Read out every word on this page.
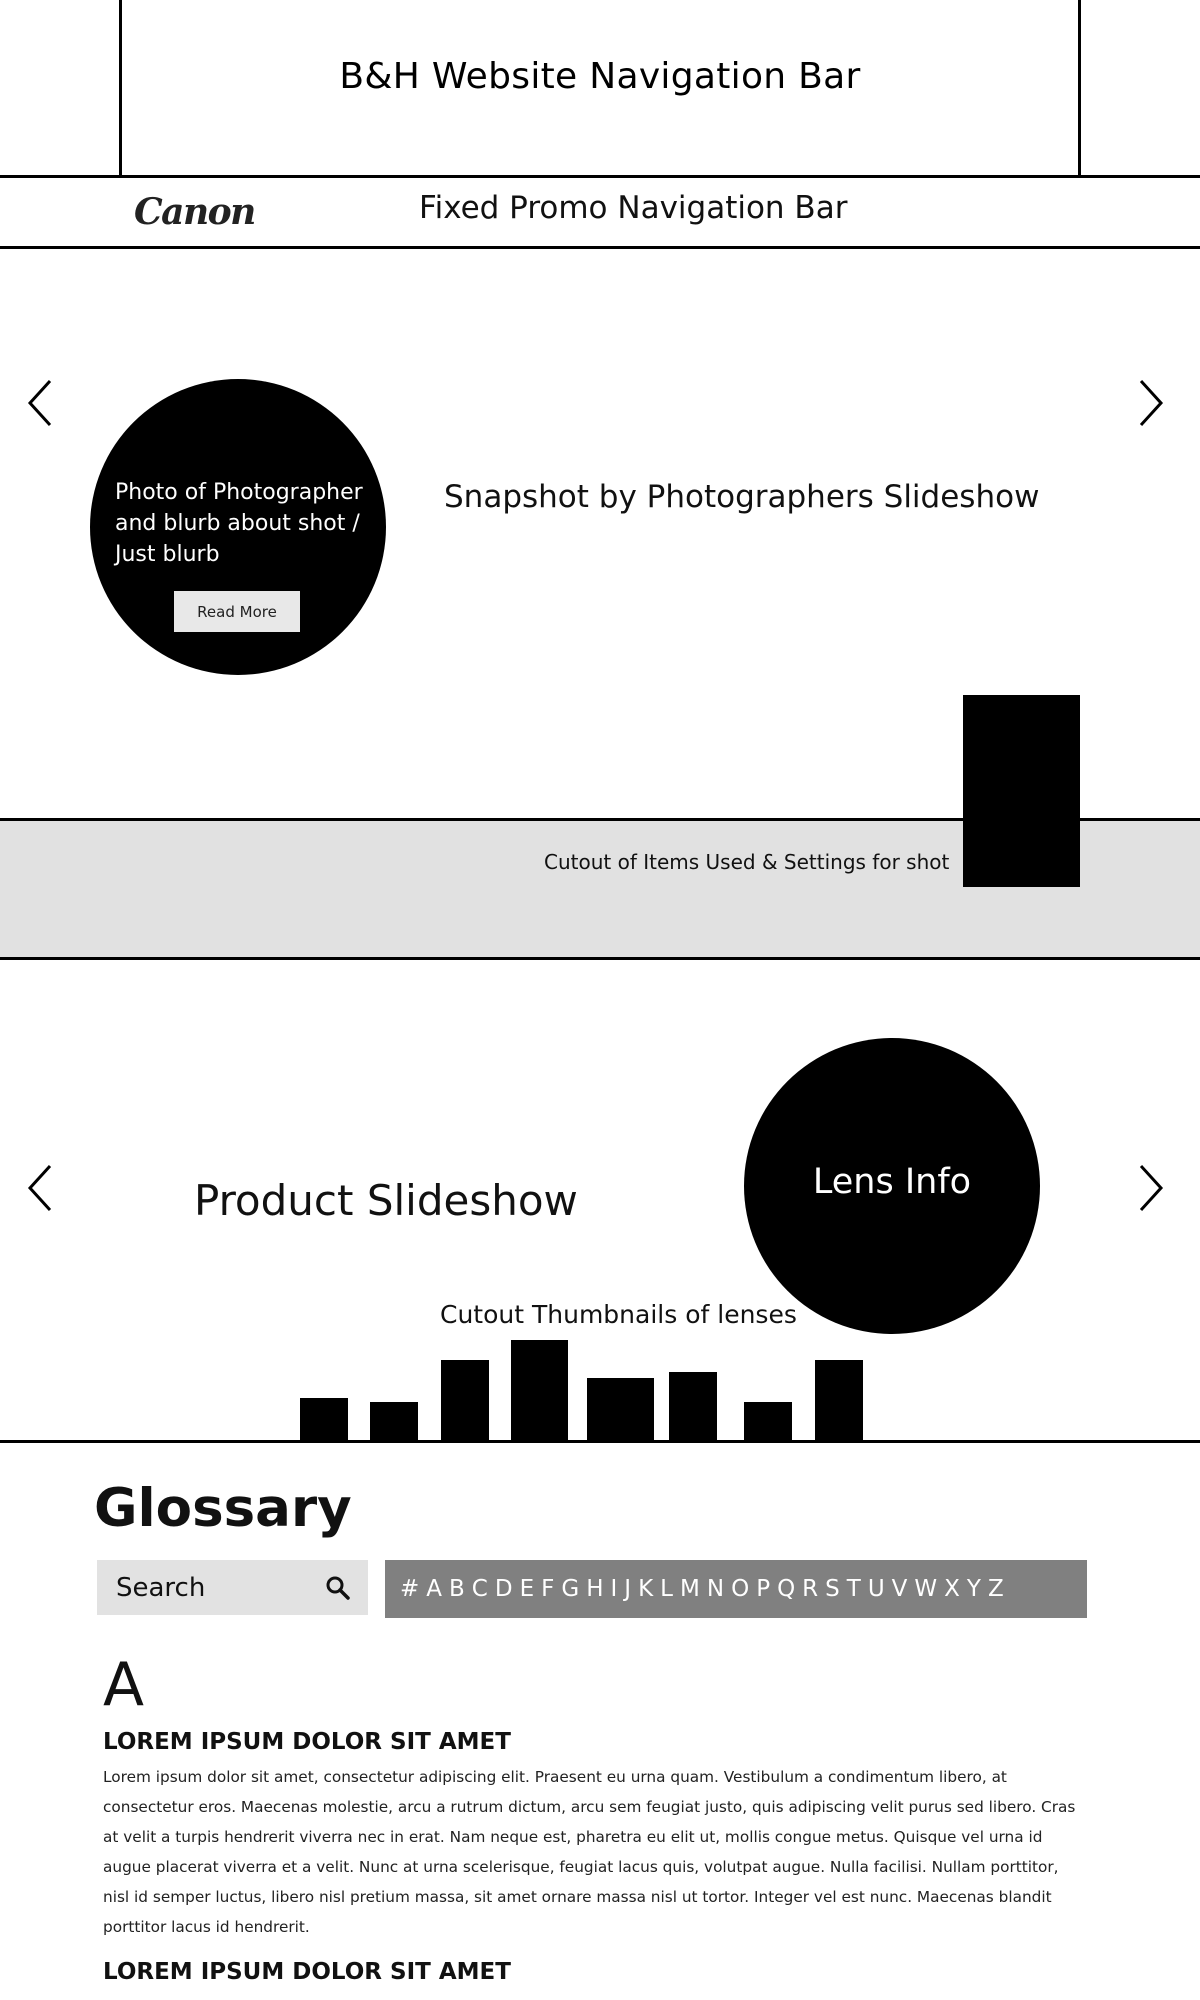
B&H Website Navigation Bar
Canon	Fixed Promo Navigation Bar
Photo of Photographer and blurb about shot / Just blurb
Read More
Snapshot by Photographers Slideshow
Cutout of Items Used & Settings for shot
Product Slideshow	Lens Info
Cutout Thumbnails of lenses
Glossary
Search
# A B C D E F G H I J K L M N O P Q R S T U V W X Y Z
A
LOREM IPSUM DOLOR SIT AMET

Lorem ipsum dolor sit amet, consectetur adipiscing elit. Praesent eu urna quam. Vestibulum a condimentum libero, at consectetur eros. Maecenas molestie, arcu a rutrum dictum, arcu sem feugiat justo, quis adipiscing velit purus sed libero. Cras at velit a turpis hendrerit viverra nec in erat. Nam neque est, pharetra eu elit ut, mollis congue metus. Quisque vel urna id augue placerat viverra et a velit. Nunc at urna scelerisque, feugiat lacus quis, volutpat augue. Nulla facilisi. Nullam porttitor, nisl id semper luctus, libero nisl pretium massa, sit amet ornare massa nisl ut tortor. Integer vel est nunc. Maecenas blandit porttitor lacus id hendrerit.

LOREM IPSUM DOLOR SIT AMET
